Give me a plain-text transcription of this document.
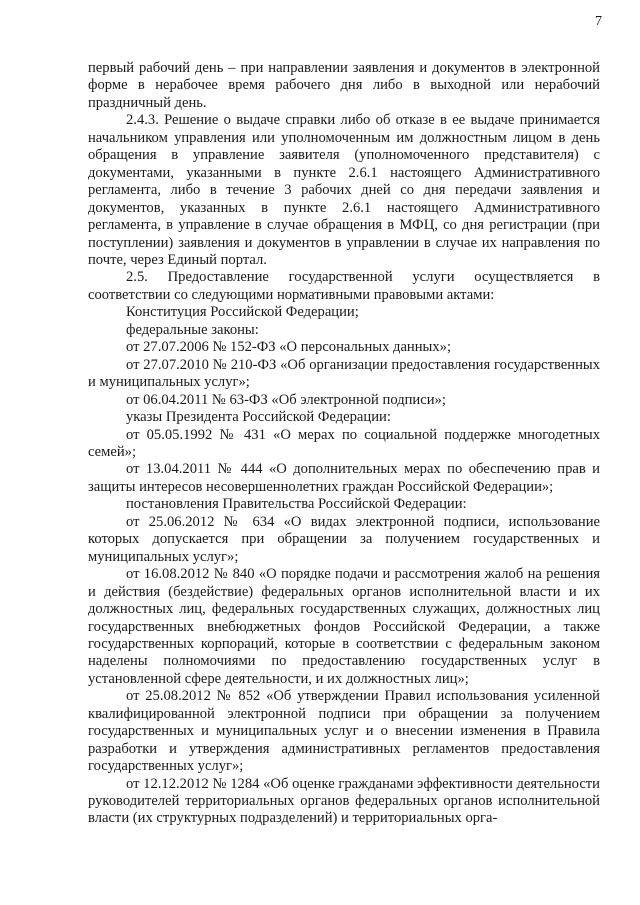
7

первый рабочий день – при направлении заявления и документов в электронной форме в нерабочее время рабочего дня либо в выходной или нерабочий праздничный день.

2.4.3. Решение о выдаче справки либо об отказе в ее выдаче принимается начальником управления или уполномоченным им должностным лицом в день обращения в управление заявителя (уполномоченного представителя) с документами, указанными в пункте 2.6.1 настоящего Административного регламента, либо в течение 3 рабочих дней со дня передачи заявления и документов, указанных в пункте 2.6.1 настоящего Административного регламента, в управление в случае обращения в МФЦ, со дня регистрации (при поступлении) заявления и документов в управлении в случае их направления по почте, через Единый портал.

2.5. Предоставление государственной услуги осуществляется в соответствии со следующими нормативными правовыми актами:

Конституция Российской Федерации;

федеральные законы:

от 27.07.2006 № 152-ФЗ «О персональных данных»;

от 27.07.2010 № 210-ФЗ «Об организации предоставления государственных и муниципальных услуг»;

от 06.04.2011 № 63-ФЗ «Об электронной подписи»;

указы Президента Российской Федерации:

от 05.05.1992 № 431 «О мерах по социальной поддержке многодетных семей»;

от 13.04.2011 № 444 «О дополнительных мерах по обеспечению прав и защиты интересов несовершеннолетних граждан Российской Федерации»;

постановления Правительства Российской Федерации:

от 25.06.2012 № 634 «О видах электронной подписи, использование которых допускается при обращении за получением государственных и муниципальных услуг»;

от 16.08.2012 № 840 «О порядке подачи и рассмотрения жалоб на решения и действия (бездействие) федеральных органов исполнительной власти и их должностных лиц, федеральных государственных служащих, должностных лиц государственных внебюджетных фондов Российской Федерации, а также государственных корпораций, которые в соответствии с федеральным законом наделены полномочиями по предоставлению государственных услуг в установленной сфере деятельности, и их должностных лиц»;

от 25.08.2012 № 852 «Об утверждении Правил использования усиленной квалифицированной электронной подписи при обращении за получением государственных и муниципальных услуг и о внесении изменения в Правила разработки и утверждения административных регламентов предоставления государственных услуг»;

от 12.12.2012 № 1284 «Об оценке гражданами эффективности деятельности руководителей территориальных органов федеральных органов исполнительной власти (их структурных подразделений) и территориальных орга-
